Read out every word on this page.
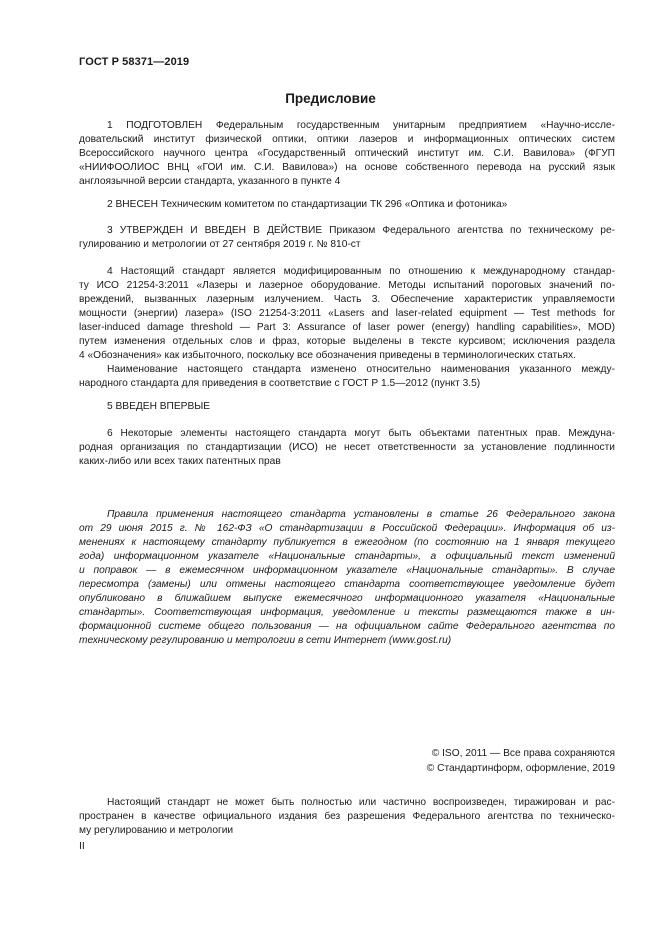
ГОСТ Р 58371—2019
Предисловие
1 ПОДГОТОВЛЕН Федеральным государственным унитарным предприятием «Научно-иссле-
довательский институт физической оптики, оптики лазеров и информационных оптических систем
Всероссийского научного центра «Государственный оптический институт им. С.И. Вавилова» (ФГУП
«НИИФООЛИОС ВНЦ «ГОИ им. С.И. Вавилова») на основе собственного перевода на русский язык
англоязычной версии стандарта, указанного в пункте 4
2 ВНЕСЕН Техническим комитетом по стандартизации ТК 296 «Оптика и фотоника»
3 УТВЕРЖДЕН И ВВЕДЕН В ДЕЙСТВИЕ Приказом Федерального агентства по техническому ре-
гулированию и метрологии от 27 сентября 2019 г. № 810-ст
4 Настоящий стандарт является модифицированным по отношению к международному стандар-
ту ИСО 21254-3:2011 «Лазеры и лазерное оборудование. Методы испытаний пороговых значений по-
вреждений, вызванных лазерным излучением. Часть 3. Обеспечение характеристик управляемости
мощности (энергии) лазера» (ISO 21254-3:2011 «Lasers and laser-related equipment — Test methods for
laser-induced damage threshold — Part 3: Assurance of laser power (energy) handling capabilities», MOD)
путем изменения отдельных слов и фраз, которые выделены в тексте курсивом; исключения раздела
4 «Обозначения» как избыточного, поскольку все обозначения приведены в терминологических статьях.
Наименование настоящего стандарта изменено относительно наименования указанного между-
народного стандарта для приведения в соответствие с ГОСТ Р 1.5—2012 (пункт 3.5)
5 ВВЕДЕН ВПЕРВЫЕ
6 Некоторые элементы настоящего стандарта могут быть объектами патентных прав. Междуна-
родная организация по стандартизации (ИСО) не несет ответственности за установление подлинности
каких-либо или всех таких патентных прав
Правила применения настоящего стандарта установлены в статье 26 Федерального закона
от 29 июня 2015 г. № 162-ФЗ «О стандартизации в Российской Федерации». Информация об из-
менениях к настоящему стандарту публикуется в ежегодном (по состоянию на 1 января текущего
года) информационном указателе «Национальные стандарты», а официальный текст изменений
и поправок — в ежемесячном информационном указателе «Национальные стандарты». В случае
пересмотра (замены) или отмены настоящего стандарта соответствующее уведомление будет
опубликовано в ближайшем выпуске ежемесячного информационного указателя «Национальные
стандарты». Соответствующая информация, уведомление и тексты размещаются также в ин-
формационной системе общего пользования — на официальном сайте Федерального агентства по
техническому регулированию и метрологии в сети Интернет (www.gost.ru)
© ISO, 2011 — Все права сохраняются
© Стандартинформ, оформление, 2019
Настоящий стандарт не может быть полностью или частично воспроизведен, тиражирован и рас-
пространен в качестве официального издания без разрешения Федерального агентства по техническо-
му регулированию и метрологии
II
